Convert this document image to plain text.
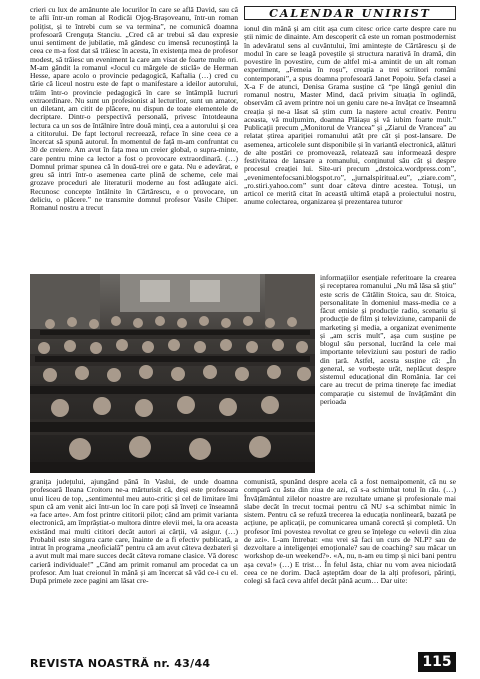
CALENDAR UNIRIST

crieri cu lux de amănunte ale locurilor în care se aflã David, sau cã te afli într-un roman al Rodicăi Ojog-Brașoveanu, într-un roman polițist, și te întrebi cum se va termina”, ne comunică doamna profesoară Crenguța Stanciu. „Cred că ar trebui să dau expresie unui sentiment de jubilatie, mă gândesc cu imensă recunoștință la ceea ce m-a fost dat să trăiesc în acesta, în existența mea de profesor modest, să trăiesc un eveniment la care am visat de foarte multe ori. M-am gândit la romanul «Jocul cu mărgele de sticlă» de Herman Hesse, apare acolo o provincie pedagogică, Kaftalia (…) cred cu tărie că liceul nostru este de fapt o manifestare a ideilor autorului, trăim într-o provincie pedagogică în care se întâmplă lucruri extraordinare. Nu sunt un profesionist al lecturilor, sunt un amator, un diletant, am citit de plăcere, nu dispun de toate elementele de decriptare. Dintr-o perspectivă personală, privesc întotdeauna lectura ca un sos de întâlnire între două minți, cea a autorului și cea a cititorului. De fapt lectorul recreează, reface în sine ceea ce a încercat să spună autorul. În momentul de față m-am confruntat cu 30 de creiere. Am avut în fața mea un creier global, o supra-minte, care pentru mine ca lector a fost o provocare extraordinară. (…) Domnul primar spunea că în două-trei ore e gata. Nu e adevărat, e greu să intri într-o asemenea carte plină de scheme, cele mai grozave proceduri ale literaturii moderne au fost adăugate aici. Recunosc concepte întâlnite în Cărtărescu, e o provocare, un deliciu, o plăcere.” ne transmite domnul profesor Vasile Chiper. Romanul nostru a trecut

ionul din mână și am citit așa cum citesc orice carte despre care nu știi nimic de dinainte. Am descoperit că este un roman postmodernist în adevăratul sens al cuvântului, îmi amintește de Cărtărescu și de modul în care se leagă poveștile și structura narativă în dramă, din povestire în povestire, cum de altfel mi-a amintit de un alt roman experiment, „Femeia în roșu”, creația a trei scriitori români contemporani”, a spus doamna profesoară Janet Popoiu. Șefa clasei a X-a F de atunci, Denisa Grama susține că “pe lângă geniul din romanul nostru, Master Mind, dacă privim situația în oglindă, observăm că avem printre noi un geniu care ne-a învățat ce înseamnă creația și ne-a lăsat să știm cum la naștere actul creativ. Pentru aceasta, vă mulțumim, doamna Plăiașu și vă iubim foarte mult.” Publicații precum „Monitorul de Vrancea” și „Ziarul de Vrancea” au relatat știrea apariției romanului atât pre cât și post-lansare. De asemenea, articolele sunt disponibile și în variantă electronică, alături de alte postări ce promovează, relatează sau informează despre festivitatea de lansare a romanului, conținutul său cât și despre procesul creației lui. Site-uri precum „drstoica.wordpress.com”, „evenimentefocsani.blogspot.ro”, „jurnalspiritual.eu”, „ziare.com”, „ro.stiri.yahoo.com” sunt doar câteva dintre acestea. Totuși, un articol ce merită citat în această ultimă etapă a proiectului nostru, anume colectarea, organizarea și prezentarea tuturor

informațiilor esențiale referitoare la crearea și receptarea romanului „Nu mă lăsa să știu” este scris de Cătălin Stoica, sau dr. Stoica, personalitate în domeniul mass-media ce a făcut emisie și producție radio, scenariu și producție de film și televiziune, campanii de marketing și media, a organizat evenimente și „am scris mult”, așa cum susține pe blogul său personal, lucrând la cele mai importante televiziuni sau posturi de radio din țară. Astfel, acesta susține că: „În general, se vorbește urât, neplăcut despre sistemul educațional din România. Iar cei care au trecut de prima tinerețe fac imediat comparație cu sistemul de învățământ din perioada

granița județului, ajungând până în Vaslui, de unde doamna profesoară Ileana Croitoru ne-a mărturisit că, deși este profesoara unui liceu de top, „sentimentul meu auto-critic și cel de limitare îmi spun că am venit aici într-un loc în care poți să înveți ce înseamnă «a face arte». Am fost printre cititorii pilot; când am primit varianta electronică, am împrăștiat-o multora dintre elevii mei, la ora aceasta existând mai multi cititori decât autori ai cărții, vă asigur. (…) Probabil este singura carte care, înainte de a fi efectiv publicată, a intrat în programa „neoficială” pentru că am avut câteva dezbateri și a avut mult mai mare succes decât câteva romane clasice. Vă doresc carieră individuale!” „Când am primit romanul am procedat ca un profesor. Am luat creionul în mână și am încercat să văd ce-i cu el. După primele zece pagini am lăsat cre-

comunistă, spunând despre acela că a fost nemaipomenit, că nu se compară cu ăsta din ziua de azi, că s-a schimbat totul în rău. (…) Învățământul zilelor noastre are rezultate umane și profesionale mai slabe decât în trecut tocmai pentru că NU s-a schimbat nimic în sistem. Pentru că se refuză trecerea la educația nonlineară, bazată pe acțiune, pe aplicații, pe comunicarea umană corectă și completă. Un profesor îmi povestea revoltat ce greu se înțelege cu «elevii din ziua de azi». L-am întrebat: «nu vrei să faci un curs de NLP? sau de dezvoltare a inteligenței emoționale? sau de coaching? sau măcar un workshop de-un weekend?». «A, nu, n-am eu timp și nici bani pentru așa ceva!» (…) E trist… În felul ăsta, chiar nu vom avea niciodată ceea ce ne dorim. Dacă așteptăm doar de la alți profesori, părinți, colegi să facă ceva altfel decât până acum… Dar uite:

REVISTA NOASTRĂ nr. 43/44	115
